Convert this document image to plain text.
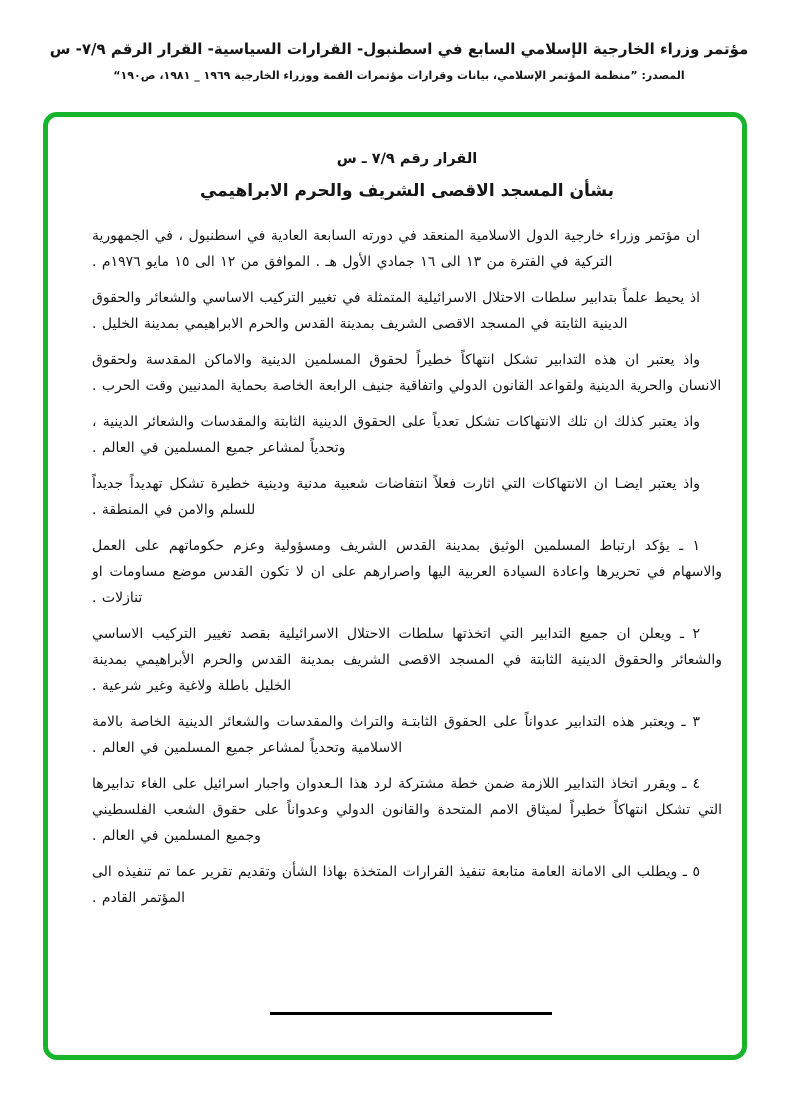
مؤتمر وزراء الخارجية الإسلامي السابع في اسطنبول- القرارات السياسية- القرار الرقم ٧/٩- س
المصدر: ”منظمة المؤتمر الإسلامي، بيانات وقرارات مؤتمرات القمة ووزراء الخارجية ١٩٦٩ _ ١٩٨١، ص١٩٠“
القرار رقم ٧/٩ ـ س
بشأن المسجد الاقصى الشريف والحرم الابراهيمي

ان مؤتمر وزراء خارجية الدول الاسلامية المنعقد في دورته السابعة العادية في اسطنبول ، في الجمهورية التركية في الفترة من ١٣ الى ١٦ جمادي الأول هـ . الموافق من ١٢ الى ١٥ مايو ١٩٧٦م .

اذ يحيط علماً بتدابير سلطات الاحتلال الاسرائيلية المتمثلة في تغيير التركيب الاساسي والشعائر والحقوق الدينية الثابتة في المسجد الاقصى الشريف بمدينة القدس والحرم الابراهيمي بمدينة الخليل .

واذ يعتبر ان هذه التدابير تشكل انتهاكاً خطيراً لحقوق المسلمين الدينية والاماكن المقدسة ولحقوق الانسان والحرية الدينية ولقواعد القانون الدولي واتفاقية جنيف الرابعة الخاصة بحماية المدنيين وقت الحرب .

واذ يعتبر كذلك ان تلك الانتهاكات تشكل تعدياً على الحقوق الدينية الثابتة والمقدسات والشعائر الدينية ، وتحدياً لمشاعر جميع المسلمين في العالم .

واذ يعتبر ايضـا ان الانتهاكات التي اثارت فعلاً انتفاضات شعبية مدنية ودينية خطيرة تشكل تهديداً جديداً للسلم والامن في المنطقة .

١ ـ يؤكد ارتباط المسلمين الوثيق بمدينة القدس الشريف ومسؤولية وعزم حكوماتهم على العمل والاسهام في تحريرها واعادة السيادة العربية اليها واصرارهم على ان لا تكون القدس موضع مساومات او تنازلات .

٢ ـ ويعلن ان جميع التدابير التي اتخذتها سلطات الاحتلال الاسرائيلية بقصد تغيير التركيب الاساسي والشعائر والحقوق الدينية الثابتة في المسجد الاقصى الشريف بمدينة القدس والحرم الأبراهيمي بمدينة الخليل باطلة ولاغية وغير شرعية .

٣ ـ ويعتبر هذه التدابير عدواناً على الحقوق الثابتـة والتراث والمقدسات والشعائر الدينية الخاصة بالامة الاسلامية وتحدياً لمشاعر جميع المسلمين في العالم .

٤ ـ ويقرر اتخاذ التدابير اللازمة ضمن خطة مشتركة لرد هذا الـعدوان واجبار اسرائيل على الغاء تدابيرها التي تشكل انتهاكاً خطيراً لميثاق الامم المتحدة والقانون الدولي وعدواناً على حقوق الشعب الفلسطيني وجميع المسلمين في العالم .

٥ ـ ويطلب الى الامانة العامة متابعة تنفيذ القرارات المتخذة بهاذا الشأن وتقديم تقرير عما تم تنفيذه الى المؤتمر القادم .
